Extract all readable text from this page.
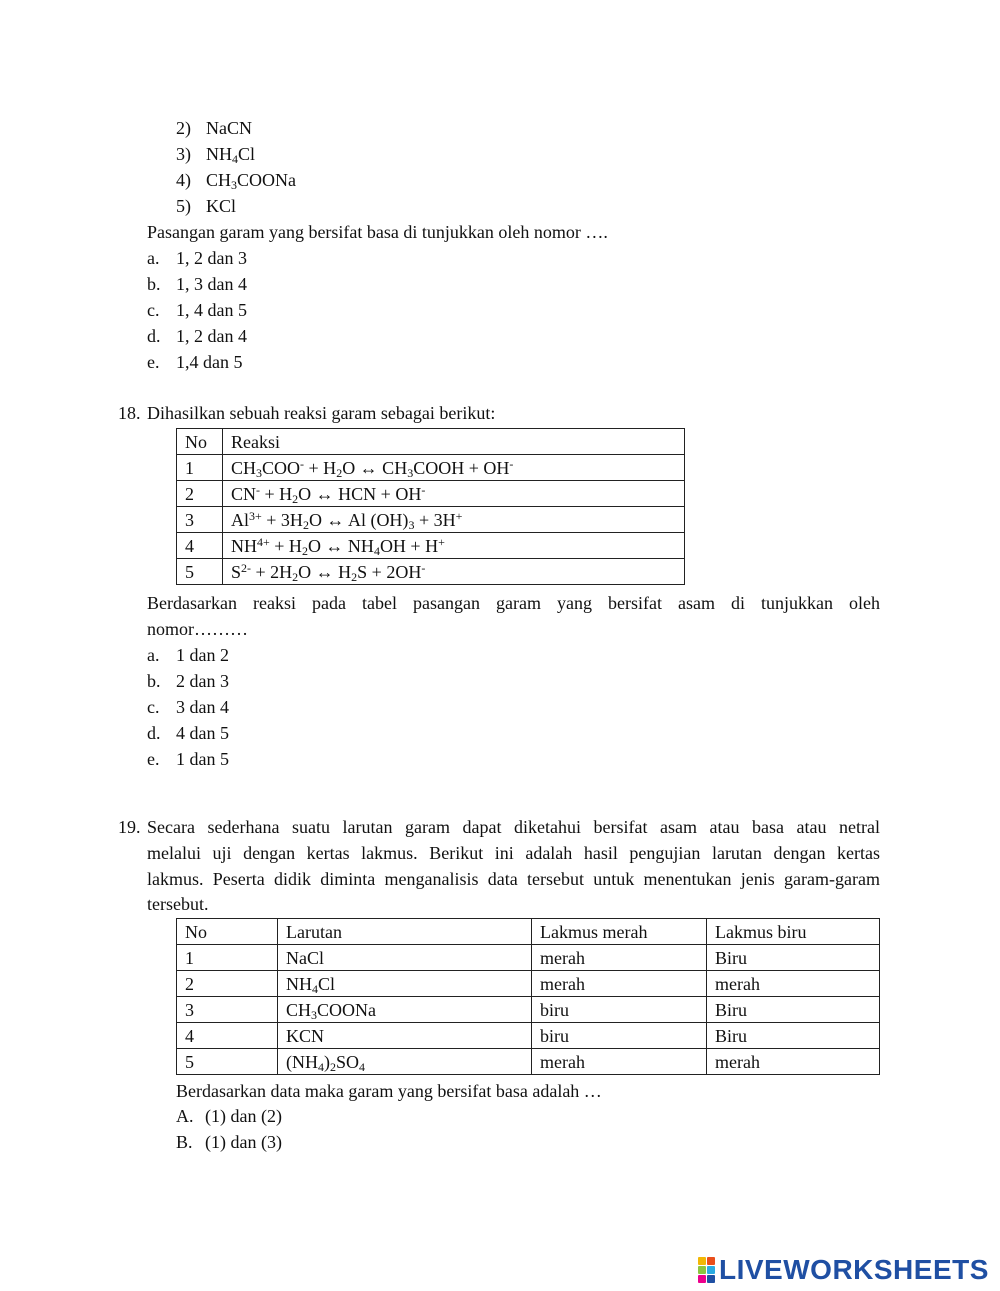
2) NaCN
3) $NH_4Cl$
4) $CH_3COONa$
5) KCl
Pasangan garam yang bersifat basa di tunjukkan oleh nomor ….
a. 1, 2 dan 3
b. 1, 3 dan 4
c. 1, 4 dan 5
d. 1, 2 dan 4
e. 1,4 dan 5
18. Dihasilkan sebuah reaksi garam sebagai berikut:
No	Reaksi
1	$CH_3COO^- + H_2O$ ↔ $CH_3COOH + OH^-$
2	$CN^- + H_2O$ ↔ HCN + OH-
3	$Al^{3+} + 3H_2O$ ↔ Al $(OH)_3 + 3H^+$
4	$NH^{4+} + H_2O$ ↔ $NH_4OH + H^+$
5	$S^{2-} + 2H_2O$ ↔ $H_2S + 2OH^-$
Berdasarkan reaksi pada tabel pasangan garam yang bersifat asam di tunjukkan oleh
nomor………
a. 1 dan 2
b. 2 dan 3
c. 3 dan 4
d. 4 dan 5
e. 1 dan 5
19. Secara sederhana suatu larutan garam dapat diketahui bersifat asam atau basa atau netral
melalui uji dengan kertas lakmus. Berikut ini adalah hasil pengujian larutan dengan kertas
lakmus. Peserta didik diminta menganalisis data tersebut untuk menentukan jenis garam-garam
tersebut.
No	Larutan	Lakmus merah	Lakmus biru
1	NaCl	merah	Biru
2	$NH_4Cl$	merah	merah
3	$CH_3COONa$	biru	Biru
4	KCN	biru	Biru
5	$(NH_4)_2SO_4$	merah	merah
Berdasarkan data maka garam yang bersifat basa adalah …
A. (1) dan (2)
B. (1) dan (3)
LIVEWORKSHEETS
